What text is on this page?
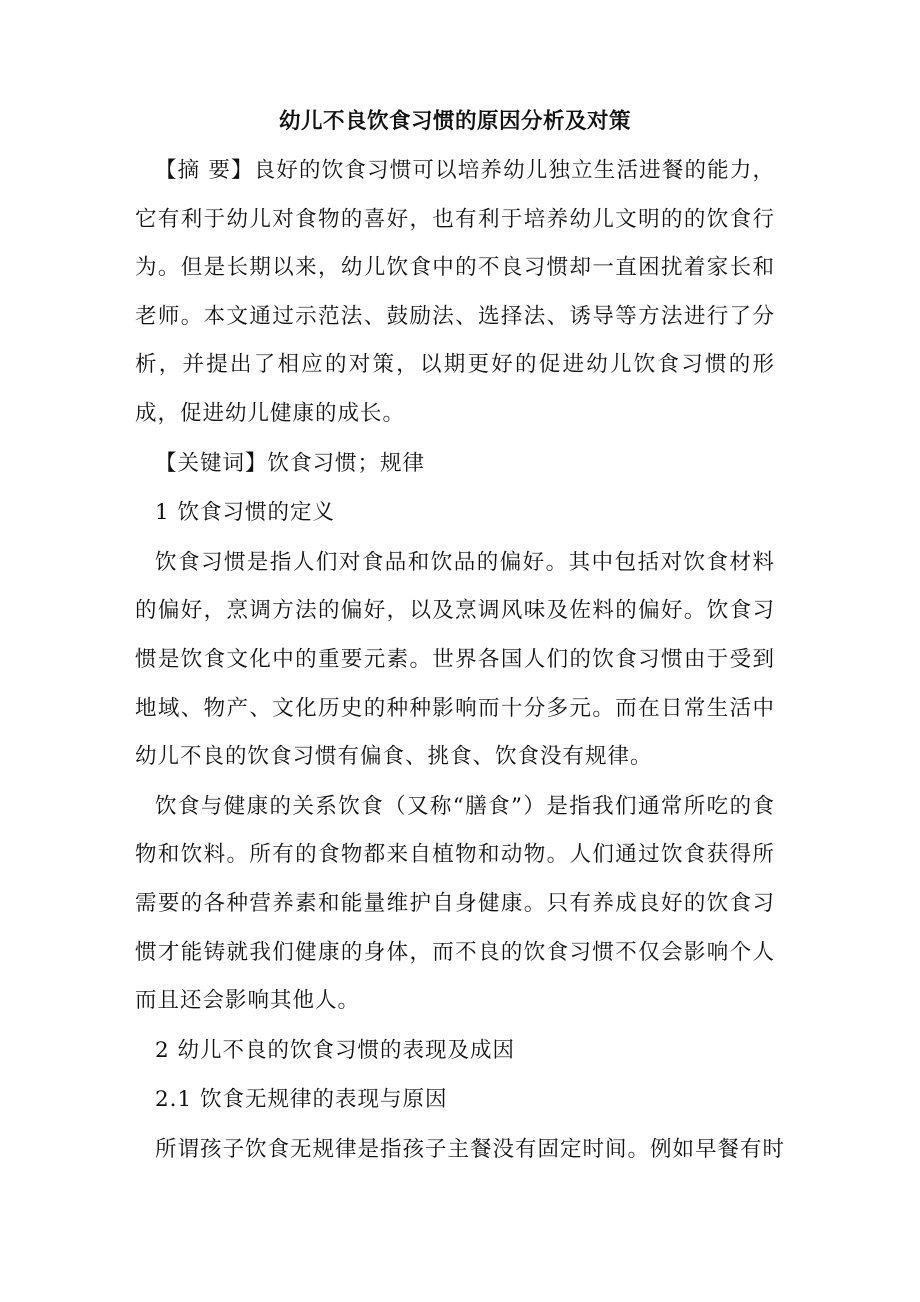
幼儿不良饮食习惯的原因分析及对策
【摘 要】良好的饮食习惯可以培养幼儿独立生活进餐的能力，它有利于幼儿对食物的喜好，也有利于培养幼儿文明的的饮食行为。但是长期以来，幼儿饮食中的不良习惯却一直困扰着家长和老师。本文通过示范法、鼓励法、选择法、诱导等方法进行了分析，并提出了相应的对策，以期更好的促进幼儿饮食习惯的形成，促进幼儿健康的成长。
【关键词】饮食习惯；规律
1 饮食习惯的定义
饮食习惯是指人们对食品和饮品的偏好。其中包括对饮食材料的偏好，烹调方法的偏好，以及烹调风味及佐料的偏好。饮食习惯是饮食文化中的重要元素。世界各国人们的饮食习惯由于受到地域、物产、文化历史的种种影响而十分多元。而在日常生活中幼儿不良的饮食习惯有偏食、挑食、饮食没有规律。
饮食与健康的关系饮食（又称“膳食”）是指我们通常所吃的食物和饮料。所有的食物都来自植物和动物。人们通过饮食获得所需要的各种营养素和能量维护自身健康。只有养成良好的饮食习惯才能铸就我们健康的身体，而不良的饮食习惯不仅会影响个人而且还会影响其他人。
2 幼儿不良的饮食习惯的表现及成因
2.1 饮食无规律的表现与原因
所谓孩子饮食无规律是指孩子主餐没有固定时间。例如早餐有时
